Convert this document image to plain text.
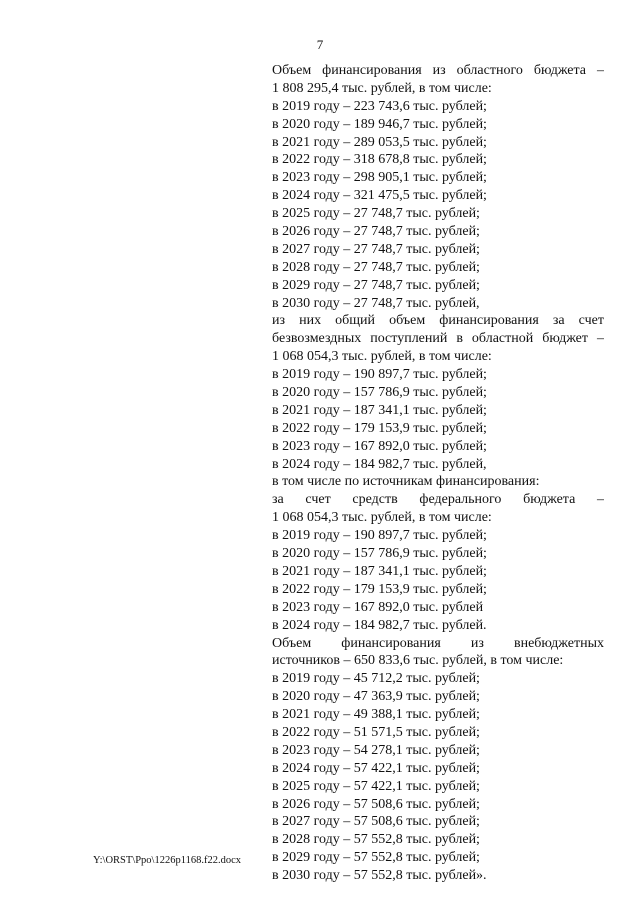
7
Объем финансирования из областного бюджета –
1 808 295,4 тыс. рублей, в том числе:
в 2019 году – 223 743,6 тыс. рублей;
в 2020 году – 189 946,7 тыс. рублей;
в 2021 году – 289 053,5 тыс. рублей;
в 2022 году – 318 678,8 тыс. рублей;
в 2023 году – 298 905,1 тыс. рублей;
в 2024 году – 321 475,5 тыс. рублей;
в 2025 году – 27 748,7 тыс. рублей;
в 2026 году – 27 748,7 тыс. рублей;
в 2027 году – 27 748,7 тыс. рублей;
в 2028 году – 27 748,7 тыс. рублей;
в 2029 году – 27 748,7 тыс. рублей;
в 2030 году – 27 748,7 тыс. рублей,
из них общий объем финансирования за счет
безвозмездных поступлений в областной бюджет –
1 068 054,3 тыс. рублей, в том числе:
в 2019 году – 190 897,7 тыс. рублей;
в 2020 году – 157 786,9 тыс. рублей;
в 2021 году – 187 341,1 тыс. рублей;
в 2022 году – 179 153,9 тыс. рублей;
в 2023 году – 167 892,0 тыс. рублей;
в 2024 году – 184 982,7 тыс. рублей,
в том числе по источникам финансирования:
за счет средств федерального бюджета –
1 068 054,3 тыс. рублей, в том числе:
в 2019 году – 190 897,7 тыс. рублей;
в 2020 году – 157 786,9 тыс. рублей;
в 2021 году – 187 341,1 тыс. рублей;
в 2022 году – 179 153,9 тыс. рублей;
в 2023 году – 167 892,0 тыс. рублей
в 2024 году – 184 982,7 тыс. рублей.
Объем финансирования из внебюджетных
источников – 650 833,6 тыс. рублей, в том числе:
в 2019 году – 45 712,2 тыс. рублей;
в 2020 году – 47 363,9 тыс. рублей;
в 2021 году – 49 388,1 тыс. рублей;
в 2022 году – 51 571,5 тыс. рублей;
в 2023 году – 54 278,1 тыс. рублей;
в 2024 году – 57 422,1 тыс. рублей;
в 2025 году – 57 422,1 тыс. рублей;
в 2026 году – 57 508,6 тыс. рублей;
в 2027 году – 57 508,6 тыс. рублей;
в 2028 году – 57 552,8 тыс. рублей;
в 2029 году – 57 552,8 тыс. рублей;
в 2030 году – 57 552,8 тыс. рублей».
Y:\ORST\Ppo\1226p1168.f22.docx
